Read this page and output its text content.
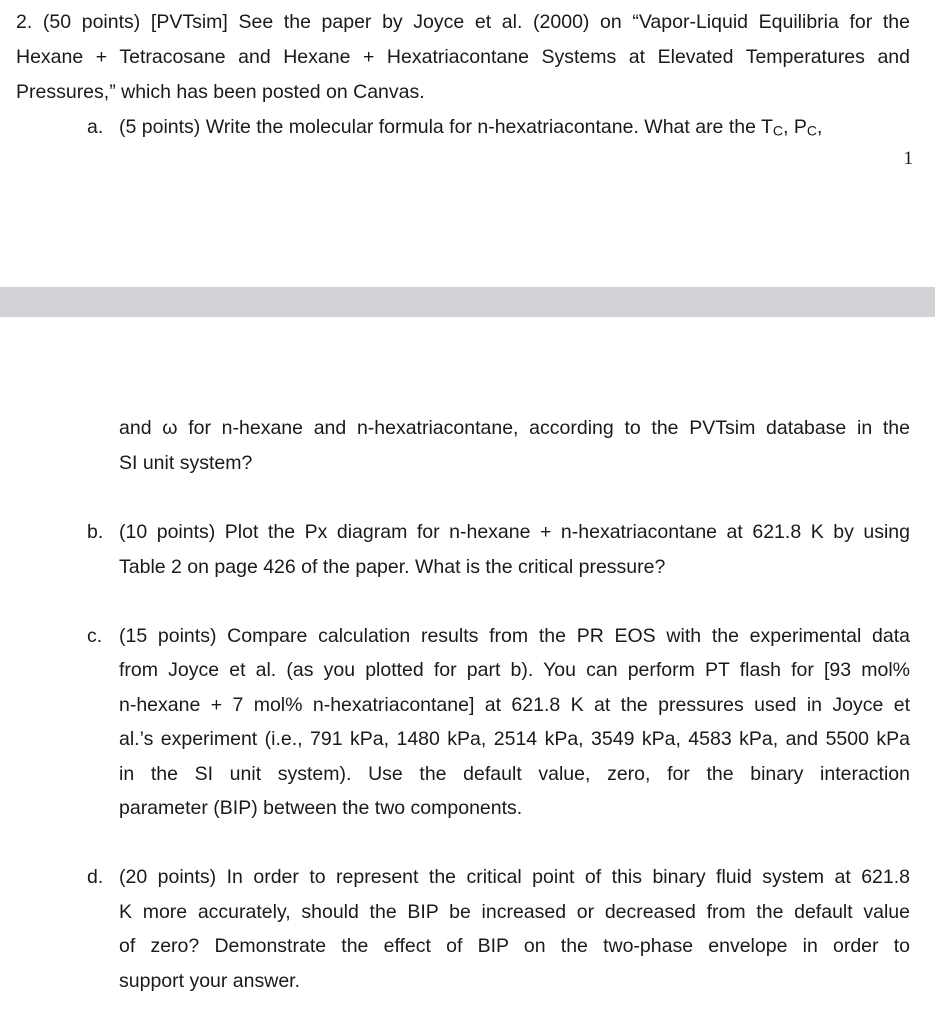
2. (50 points) [PVTsim] See the paper by Joyce et al. (2000) on “Vapor-Liquid Equilibria for the
Hexane + Tetracosane and Hexane + Hexatriacontane Systems at Elevated Temperatures and
Pressures,” which has been posted on Canvas.
a. (5 points) Write the molecular formula for n-hexatriacontane. What are the $T_C$, $P_C$,
1
and ω for n-hexane and n-hexatriacontane, according to the PVTsim database in the
SI unit system?
b. (10 points) Plot the Px diagram for n-hexane + n-hexatriacontane at 621.8 K by using
Table 2 on page 426 of the paper. What is the critical pressure?
c. (15 points) Compare calculation results from the PR EOS with the experimental data
from Joyce et al. (as you plotted for part b). You can perform PT flash for [93 mol%
n-hexane + 7 mol% n-hexatriacontane] at 621.8 K at the pressures used in Joyce et
al.’s experiment (i.e., 791 kPa, 1480 kPa, 2514 kPa, 3549 kPa, 4583 kPa, and 5500 kPa
in the SI unit system). Use the default value, zero, for the binary interaction
parameter (BIP) between the two components.
d. (20 points) In order to represent the critical point of this binary fluid system at 621.8
K more accurately, should the BIP be increased or decreased from the default value
of zero? Demonstrate the effect of BIP on the two-phase envelope in order to
support your answer.
